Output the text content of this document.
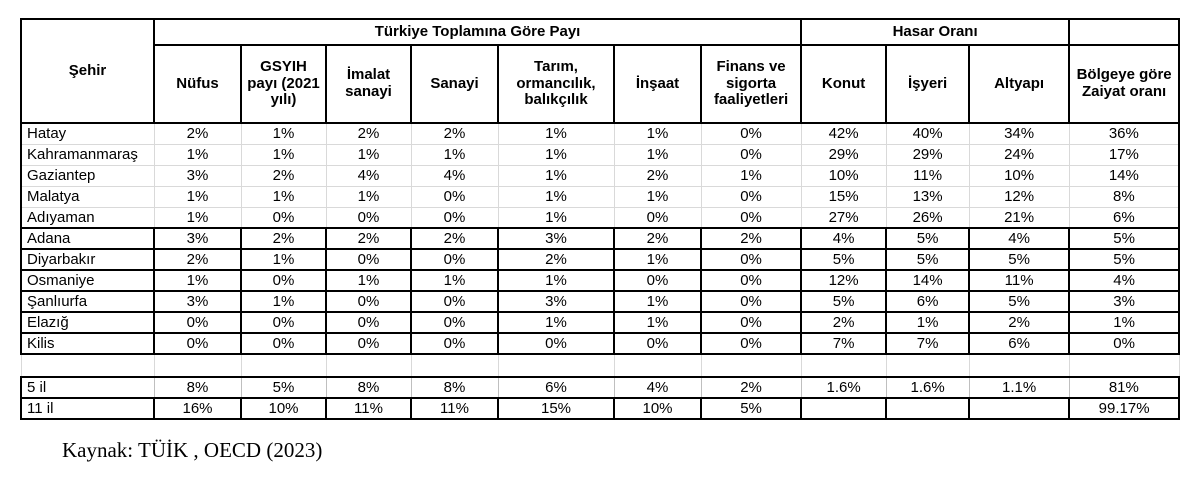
Şehir	Türkiye Toplamına Göre Payı							Hasar Oranı			
	Nüfus	GSYIH payı (2021 yılı)	İmalat sanayi	Sanayi	Tarım, ormancılık, balıkçılık	İnşaat	Finans ve sigorta faaliyetleri	Konut	İşyeri	Altyapı	Bölgeye göre Zaiyat oranı
Hatay	2%	1%	2%	2%	1%	1%	0%	42%	40%	34%	36%
Kahramanmaraş	1%	1%	1%	1%	1%	1%	0%	29%	29%	24%	17%
Gaziantep	3%	2%	4%	4%	1%	2%	1%	10%	11%	10%	14%
Malatya	1%	1%	1%	0%	1%	1%	0%	15%	13%	12%	8%
Adıyaman	1%	0%	0%	0%	1%	0%	0%	27%	26%	21%	6%
Adana	3%	2%	2%	2%	3%	2%	2%	4%	5%	4%	5%
Diyarbakır	2%	1%	0%	0%	2%	1%	0%	5%	5%	5%	5%
Osmaniye	1%	0%	1%	1%	1%	0%	0%	12%	14%	11%	4%
Şanlıurfa	3%	1%	0%	0%	3%	1%	0%	5%	6%	5%	3%
Elazığ	0%	0%	0%	0%	1%	1%	0%	2%	1%	2%	1%
Kilis	0%	0%	0%	0%	0%	0%	0%	7%	7%	6%	0%

5 il	8%	5%	8%	8%	6%	4%	2%	1.6%	1.6%	1.1%	81%
11 il	16%	10%	11%	11%	15%	10%	5%				99.17%
Kaynak: TÜİK , OECD (2023)
